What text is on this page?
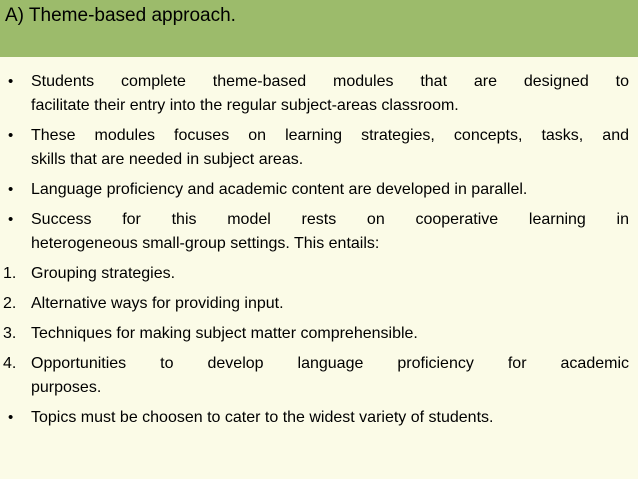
A) Theme-based approach.
•	Students complete theme-based modules that are designed to
facilitate their entry into the regular subject-areas classroom.
•	These modules focuses on learning strategies, concepts, tasks, and
skills that are needed in subject areas.
•	Language proficiency and academic content are developed in parallel.
•	Success for this model rests on cooperative learning in
heterogeneous small-group settings. This entails:
1. Grouping strategies.
2. Alternative ways for providing input.
3. Techniques for making subject matter comprehensible.
4. Opportunities to develop language proficiency for academic
purposes.
•	Topics must be choosen to cater to the widest variety of students.
